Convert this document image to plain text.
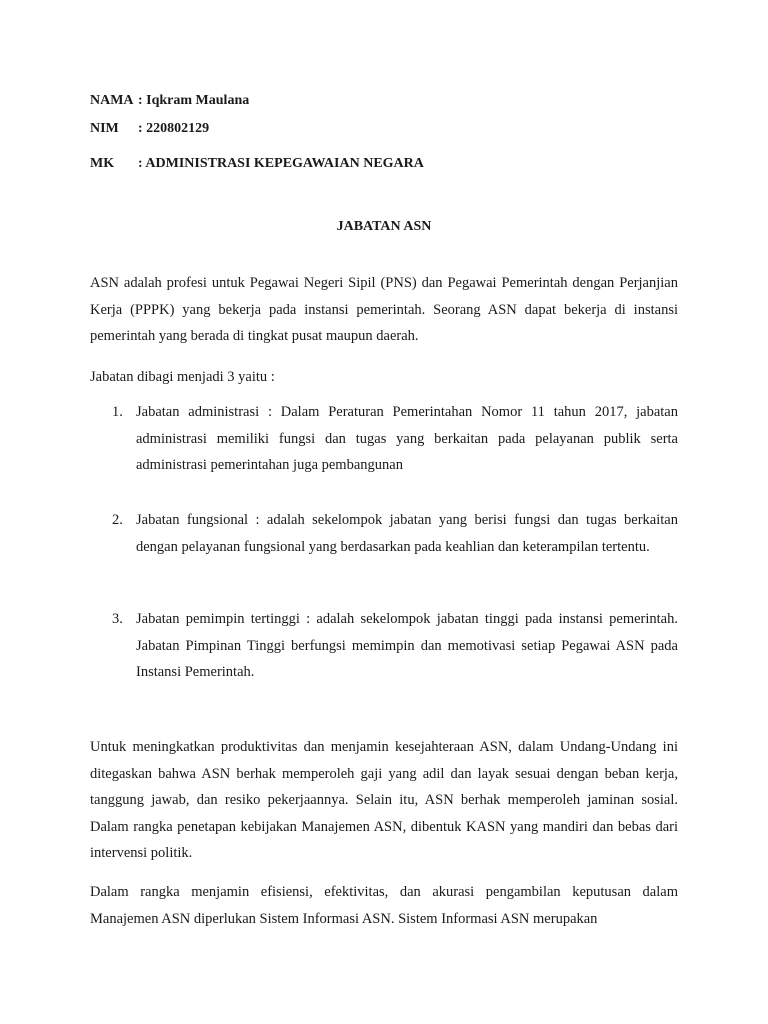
NAMA : Iqkram Maulana
NIM : 220802129
MK : ADMINISTRASI KEPEGAWAIAN NEGARA
JABATAN ASN
ASN adalah profesi untuk Pegawai Negeri Sipil (PNS) dan Pegawai Pemerintah dengan Perjanjian Kerja (PPPK) yang bekerja pada instansi pemerintah. Seorang ASN dapat bekerja di instansi pemerintah yang berada di tingkat pusat maupun daerah.
Jabatan dibagi menjadi 3 yaitu :
1. Jabatan administrasi : Dalam Peraturan Pemerintahan Nomor 11 tahun 2017, jabatan administrasi memiliki fungsi dan tugas yang berkaitan pada pelayanan publik serta administrasi pemerintahan juga pembangunan
2. Jabatan fungsional : adalah sekelompok jabatan yang berisi fungsi dan tugas berkaitan dengan pelayanan fungsional yang berdasarkan pada keahlian dan keterampilan tertentu.
3. Jabatan pemimpin tertinggi : adalah sekelompok jabatan tinggi pada instansi pemerintah. Jabatan Pimpinan Tinggi berfungsi memimpin dan memotivasi setiap Pegawai ASN pada Instansi Pemerintah.
Untuk meningkatkan produktivitas dan menjamin kesejahteraan ASN, dalam Undang-Undang ini ditegaskan bahwa ASN berhak memperoleh gaji yang adil dan layak sesuai dengan beban kerja, tanggung jawab, dan resiko pekerjaannya. Selain itu, ASN berhak memperoleh jaminan sosial. Dalam rangka penetapan kebijakan Manajemen ASN, dibentuk KASN yang mandiri dan bebas dari intervensi politik.
Dalam rangka menjamin efisiensi, efektivitas, dan akurasi pengambilan keputusan dalam Manajemen ASN diperlukan Sistem Informasi ASN. Sistem Informasi ASN merupakan
